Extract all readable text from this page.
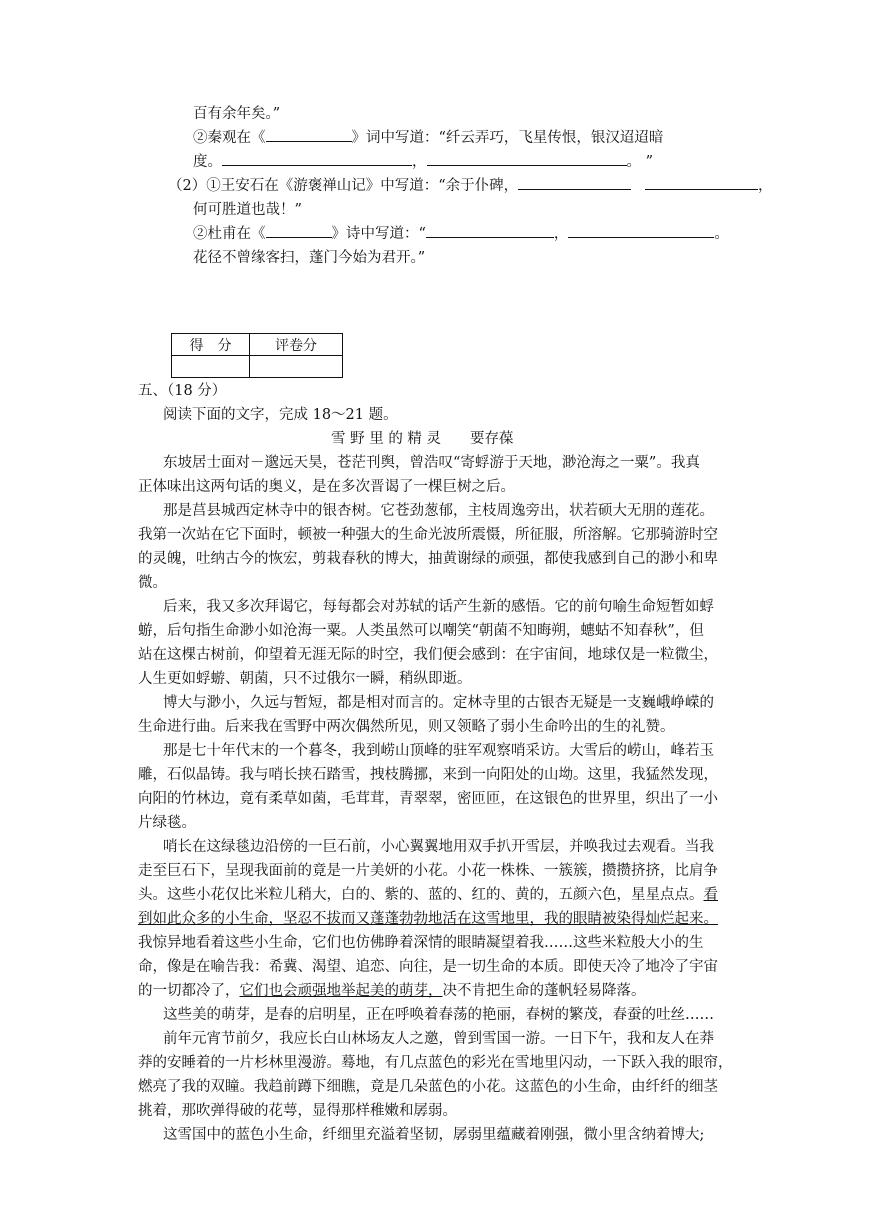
百有余年矣。”
②秦观在《	》词中写道：“纤云弄巧，飞星传恨，银汉迢迢暗
度。	，	。 ”
（2）①王安石在《游褒禅山记》中写道：“余于仆碑，	，
何可胜道也哉！”
②杜甫在《	》诗中写道：“	，	。
花径不曾缘客扫，蓬门今始为君开。”
得　分	评卷分

五、（18 分）
阅读下面的文字，完成 18～21 题。
雪 野 里 的 精 灵　　要存葆
东坡居士面对－邈远天昊，苍茫刊舆，曾浩叹“寄蜉游于天地，渺沧海之一粟”。我真
正体味出这两句话的奥义，是在多次晋谒了一棵巨树之后。
那是莒县城西定林寺中的银杏树。它苍劲葱郁，主枝周逸旁出，状若硕大无朋的莲花。
我第一次站在它下面时，顿被一种强大的生命光波所震慑，所征服，所溶解。它那骑游时空
的灵魄，吐纳古今的恢宏，剪栽春秋的博大，抽黄谢绿的顽强，都使我感到自己的渺小和卑
微。
后来，我又多次拜谒它，每每都会对苏轼的话产生新的感悟。它的前句喻生命短暂如蜉
蝣，后句指生命渺小如沧海一粟。人类虽然可以嘲笑“朝菌不知晦朔，蟪蛄不知春秋”，但
站在这棵古树前，仰望着无涯无际的时空，我们便会感到：在宇宙间，地球仅是一粒微尘，
人生更如蜉蝣、朝菌，只不过俄尔一瞬，稍纵即逝。
博大与渺小，久远与暂短，都是相对而言的。定林寺里的古银杏无疑是一支巍峨峥嵘的
生命进行曲。后来我在雪野中两次偶然所见，则又领略了弱小生命吟出的生的礼赞。
那是七十年代末的一个暮冬，我到崂山顶峰的驻军观察哨采访。大雪后的崂山，峰若玉
雕，石似晶铸。我与哨长挟石踏雪，拽枝腾挪，来到一向阳处的山坳。这里，我猛然发现，
向阳的竹林边，竟有柔草如菌，毛茸茸，青翠翠，密匝匝，在这银色的世界里，织出了一小
片绿毯。
哨长在这绿毯边沿傍的一巨石前，小心翼翼地用双手扒开雪层，并唤我过去观看。当我
走至巨石下，呈现我面前的竟是一片美妍的小花。小花一株株、一簇簇，攒攒挤挤，比肩争
头。这些小花仅比米粒儿稍大，白的、紫的、蓝的、红的、黄的，五颜六色，星星点点。看
到如此众多的小生命，坚忍不拔而又蓬蓬勃勃地活在这雪地里，我的眼睛被染得灿烂起来。
我惊异地看着这些小生命，它们也仿佛睁着深情的眼睛凝望着我……这些米粒般大小的生
命，像是在喻告我：希冀、渴望、追恋、向往，是一切生命的本质。即使天冷了地冷了宇宙
的一切都冷了，它们也会顽强地举起美的萌芽，决不肯把生命的蓬帆轻易降落。
这些美的萌芽，是春的启明星，正在呼唤着春荡的艳丽，春树的繁茂，春蚕的吐丝……
前年元宵节前夕，我应长白山林场友人之邀，曾到雪国一游。一日下午，我和友人在莽
莽的安睡着的一片杉林里漫游。蓦地，有几点蓝色的彩光在雪地里闪动，一下跃入我的眼帘，
燃亮了我的双瞳。我趋前蹲下细瞧，竟是几朵蓝色的小花。这蓝色的小生命，由纤纤的细茎
挑着，那吹弹得破的花萼，显得那样稚嫩和孱弱。
这雪国中的蓝色小生命，纤细里充溢着坚韧，孱弱里蕴藏着刚强，微小里含纳着博大;
